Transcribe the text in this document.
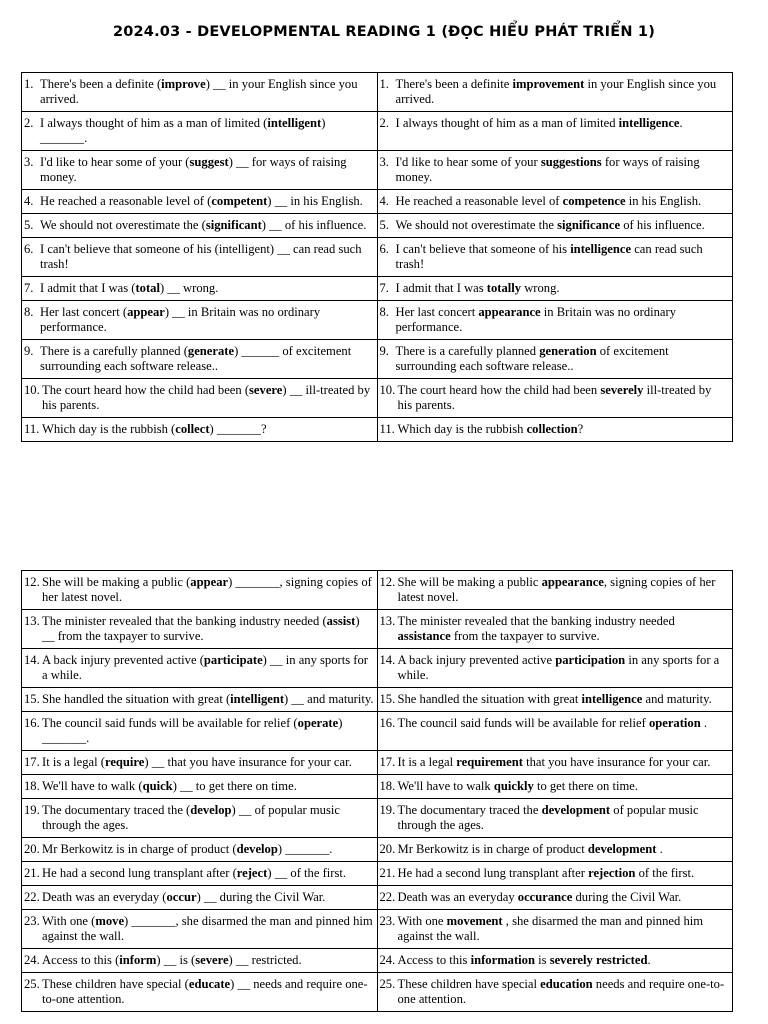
2024.03 - DEVELOPMENTAL READING 1 (ĐỌC HIỂU PHÁT TRIỂN 1)
1. There's been a definite (improve) __ in your English since you arrived.	1. There's been a definite improvement in your English since you arrived.

2. I always thought of him as a man of limited (intelligent) _______.	2. I always thought of him as a man of limited intelligence.

3. I'd like to hear some of your (suggest) __ for ways of raising money.	3. I'd like to hear some of your suggestions for ways of raising money.

4. He reached a reasonable level of (competent) __ in his English.	4. He reached a reasonable level of competence in his English.

5. We should not overestimate the (significant) __ of his influence.	5. We should not overestimate the significance of his influence.

6. I can't believe that someone of his (intelligent) __ can read such trash!	6. I can't believe that someone of his intelligence can read such trash!

7. I admit that I was (total) __ wrong.	7. I admit that I was totally wrong.

8. Her last concert (appear) __ in Britain was no ordinary performance.	8. Her last concert appearance in Britain was no ordinary performance.

9. There is a carefully planned (generate) ______ of excitement surrounding each software release..	9. There is a carefully planned generation of excitement surrounding each software release..

10. The court heard how the child had been (severe) __ ill-treated by his parents.	10. The court heard how the child had been severely ill-treated by his parents.

11. Which day is the rubbish (collect) _______?	11. Which day is the rubbish collection?
12. She will be making a public (appear) _______, signing copies of her latest novel.	12. She will be making a public appearance, signing copies of her latest novel.

13. The minister revealed that the banking industry needed (assist) __ from the taxpayer to survive.	13. The minister revealed that the banking industry needed assistance from the taxpayer to survive.

14. A back injury prevented active (participate) __ in any sports for a while.	14. A back injury prevented active participation in any sports for a while.

15. She handled the situation with great (intelligent) __ and maturity.	15. She handled the situation with great intelligence and maturity.

16. The council said funds will be available for relief (operate) _______.	16. The council said funds will be available for relief operation .

17. It is a legal (require) __ that you have insurance for your car.	17. It is a legal requirement that you have insurance for your car.

18. We'll have to walk (quick) __ to get there on time.	18. We'll have to walk quickly to get there on time.

19. The documentary traced the (develop) __ of popular music through the ages.	19. The documentary traced the development of popular music through the ages.

20. Mr Berkowitz is in charge of product (develop) _______.	20. Mr Berkowitz is in charge of product development .

21. He had a second lung transplant after (reject) __ of the first.	21. He had a second lung transplant after rejection of the first.

22. Death was an everyday (occur) __ during the Civil War.	22. Death was an everyday occurance during the Civil War.

23. With one (move) _______, she disarmed the man and pinned him against the wall.	23. With one movement , she disarmed the man and pinned him against the wall.

24. Access to this (inform) __ is (severe) __ restricted.	24. Access to this information is severely restricted.

25. These children have special (educate) __ needs and require one-to-one attention.	25. These children have special education needs and require one-to-one attention.
